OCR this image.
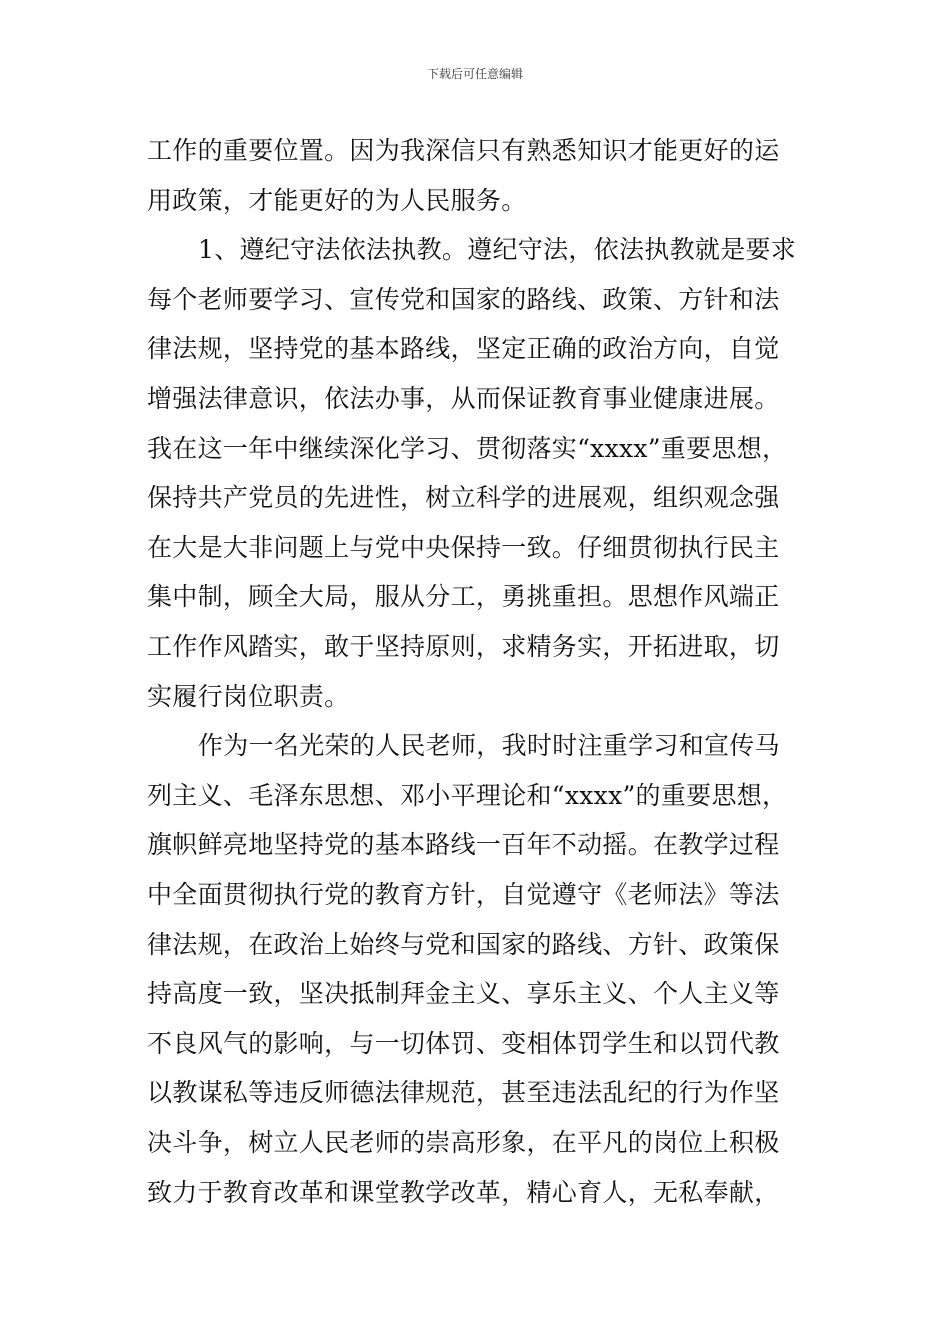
下载后可任意编辑
工作的重要位置。因为我深信只有熟悉知识才能更好的运
用政策，才能更好的为人民服务。
1、遵纪守法依法执教。遵纪守法，依法执教就是要求
每个老师要学习、宣传党和国家的路线、政策、方针和法
律法规，坚持党的基本路线，坚定正确的政治方向，自觉
增强法律意识，依法办事，从而保证教育事业健康进展。
我在这一年中继续深化学习、贯彻落实“xxxx”重要思想，
保持共产党员的先进性，树立科学的进展观，组织观念强
在大是大非问题上与党中央保持一致。仔细贯彻执行民主
集中制，顾全大局，服从分工，勇挑重担。思想作风端正
工作作风踏实，敢于坚持原则，求精务实，开拓进取，切
实履行岗位职责。
作为一名光荣的人民老师，我时时注重学习和宣传马
列主义、毛泽东思想、邓小平理论和“xxxx”的重要思想，
旗帜鲜亮地坚持党的基本路线一百年不动摇。在教学过程
中全面贯彻执行党的教育方针，自觉遵守《老师法》等法
律法规，在政治上始终与党和国家的路线、方针、政策保
持高度一致，坚决抵制拜金主义、享乐主义、个人主义等
不良风气的影响，与一切体罚、变相体罚学生和以罚代教
以教谋私等违反师德法律规范，甚至违法乱纪的行为作坚
决斗争，树立人民老师的崇高形象，在平凡的岗位上积极
致力于教育改革和课堂教学改革，精心育人，无私奉献，
